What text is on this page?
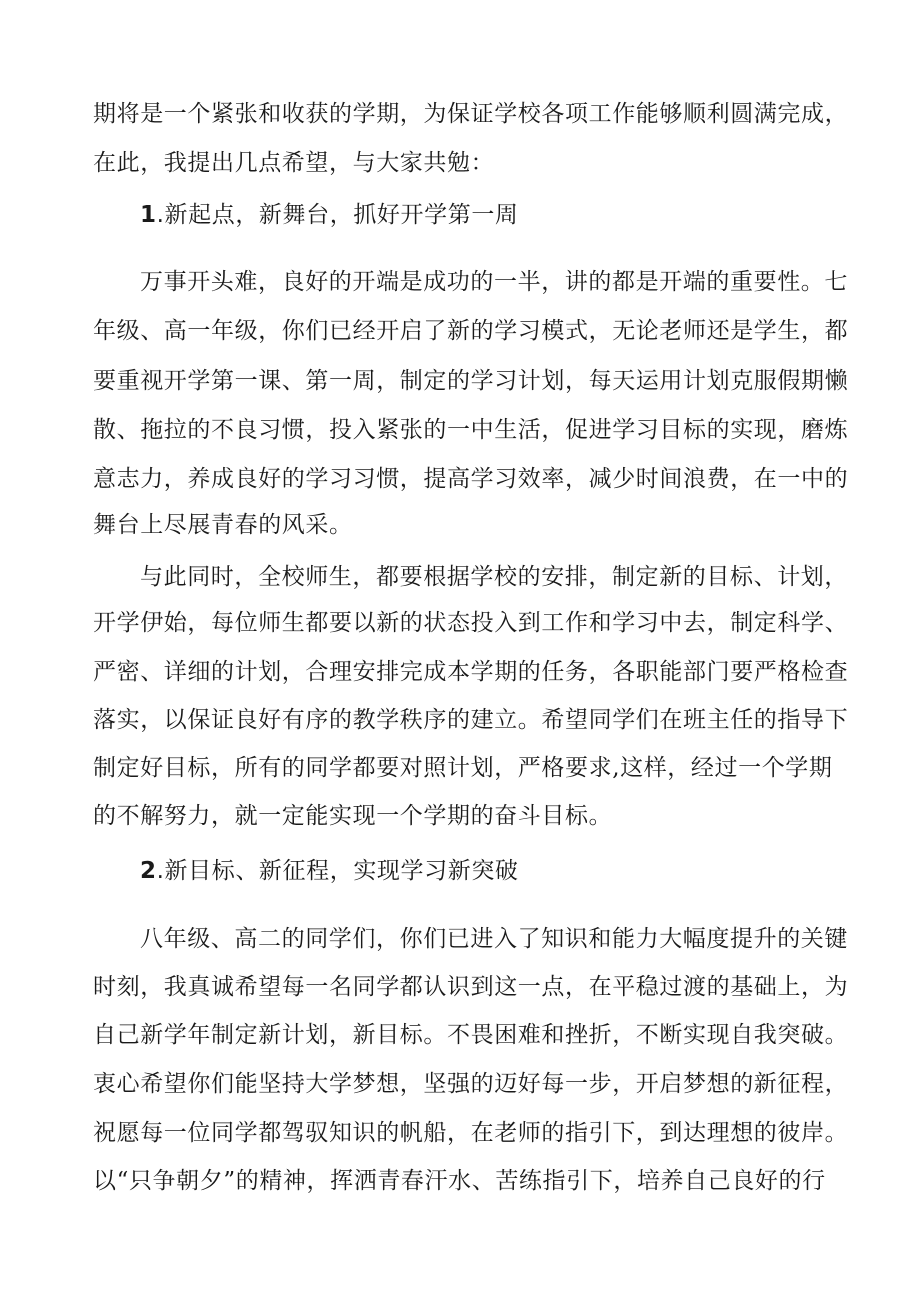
期将是一个紧张和收获的学期，为保证学校各项工作能够顺利圆满完成，
在此，我提出几点希望，与大家共勉：
1.新起点，新舞台，抓好开学第一周
万事开头难，良好的开端是成功的一半，讲的都是开端的重要性。七
年级、高一年级，你们已经开启了新的学习模式，无论老师还是学生，都
要重视开学第一课、第一周，制定的学习计划，每天运用计划克服假期懒
散、拖拉的不良习惯，投入紧张的一中生活，促进学习目标的实现，磨炼
意志力，养成良好的学习习惯，提高学习效率，减少时间浪费，在一中的
舞台上尽展青春的风采。
与此同时，全校师生，都要根据学校的安排，制定新的目标、计划，
开学伊始，每位师生都要以新的状态投入到工作和学习中去，制定科学、
严密、详细的计划，合理安排完成本学期的任务，各职能部门要严格检查
落实，以保证良好有序的教学秩序的建立。希望同学们在班主任的指导下
制定好目标，所有的同学都要对照计划，严格要求,这样，经过一个学期
的不解努力，就一定能实现一个学期的奋斗目标。
2.新目标、新征程，实现学习新突破
八年级、高二的同学们，你们已进入了知识和能力大幅度提升的关键
时刻，我真诚希望每一名同学都认识到这一点，在平稳过渡的基础上，为
自己新学年制定新计划，新目标。不畏困难和挫折，不断实现自我突破。
衷心希望你们能坚持大学梦想，坚强的迈好每一步，开启梦想的新征程，
祝愿每一位同学都驾驭知识的帆船，在老师的指引下，到达理想的彼岸。
以“只争朝夕”的精神，挥洒青春汗水、苦练指引下，培养自己良好的行
